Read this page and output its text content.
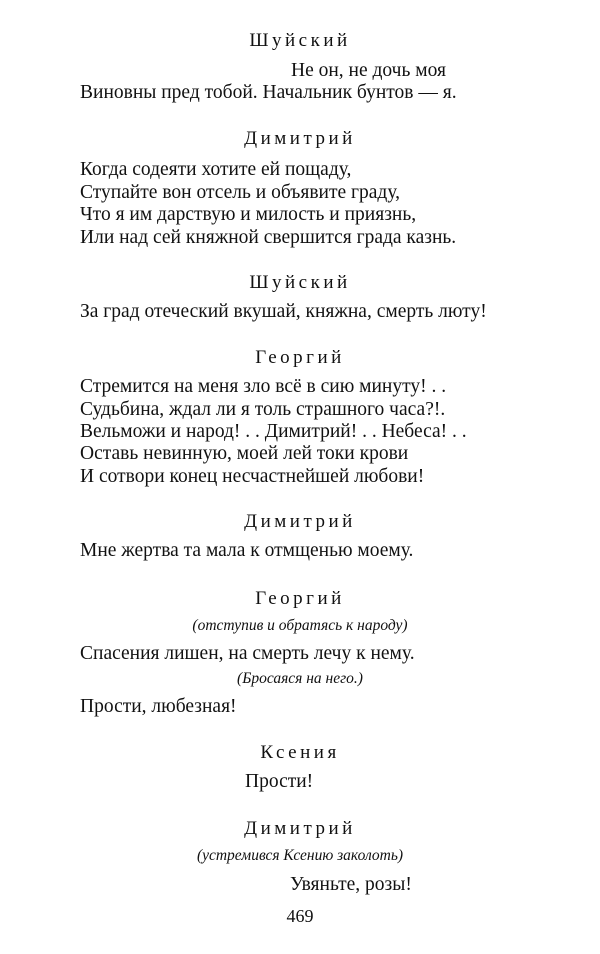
Шуйский
Не он, не дочь моя
Виновны пред тобой. Начальник бунтов — я.
Димитрий
Когда содеяти хотите ей пощаду,
Ступайте вон отсель и объявите граду,
Что я им дарствую и милость и приязнь,
Или над сей княжной свершится града казнь.
Шуйский
За град отеческий вкушай, княжна, смерть люту!
Георгий
Стремится на меня зло всё в сию минуту! . .
Судьбина, ждал ли я толь страшного часа?!.
Вельможи и народ! . . Димитрий! . . Небеса! . .
Оставь невинную, моей лей токи крови
И сотвори конец несчастнейшей любови!
Димитрий
Мне жертва та мала к отмщенью моему.
Георгий
(отступив и обратясь к народу)
Спасения лишен, на смерть лечу к нему.
(Бросаяся на него.)
Прости, любезная!
Ксения
Прости!
Димитрий
(устремився Ксению заколоть)
Увяньте, розы!
469
